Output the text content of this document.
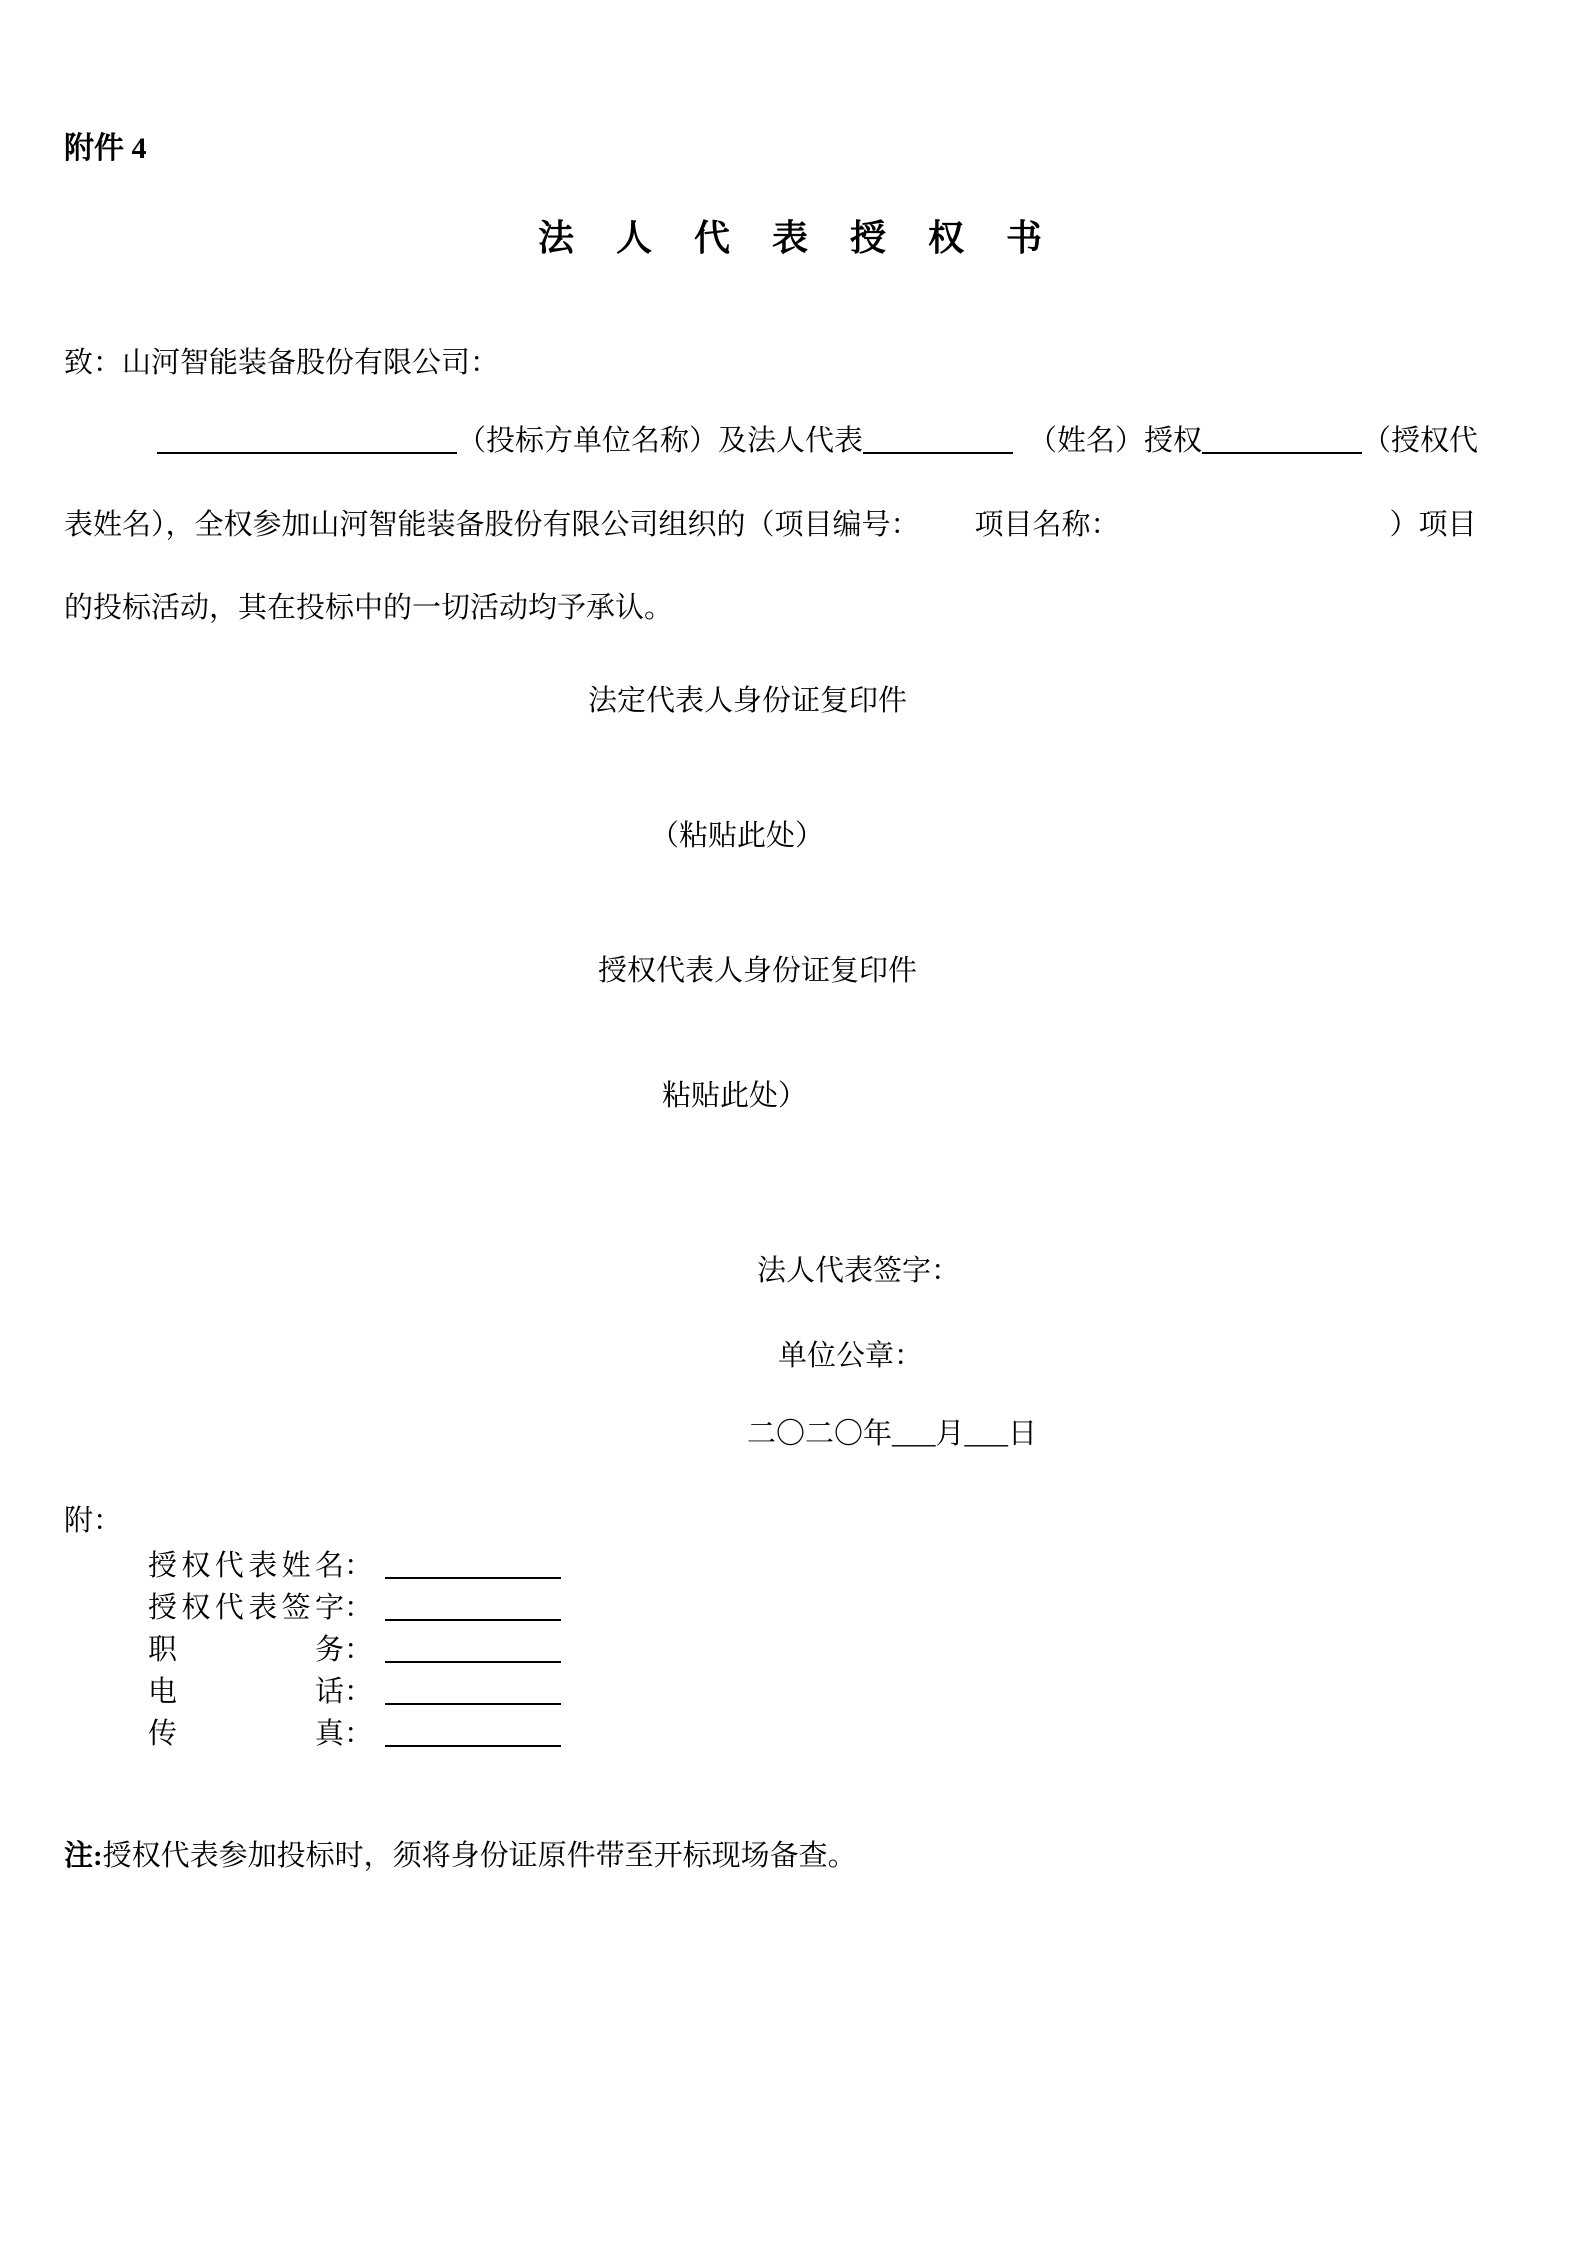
附件 4
法人代表授权书
致：山河智能装备股份有限公司：
（投标方单位名称）及法人代表	（姓名）授权	（授权代
表姓名），全权参加山河智能装备股份有限公司组织的（项目编号： 项目名称：	）项目
的投标活动，其在投标中的一切活动均予承认。
法定代表人身份证复印件
（粘贴此处）
授权代表人身份证复印件
粘贴此处）
法人代表签字：
单位公章：
二〇二〇年___月___日
附：
授权代表姓名：
授权代表签字：
职务：
电话：
传真：
注:授权代表参加投标时，须将身份证原件带至开标现场备查。
